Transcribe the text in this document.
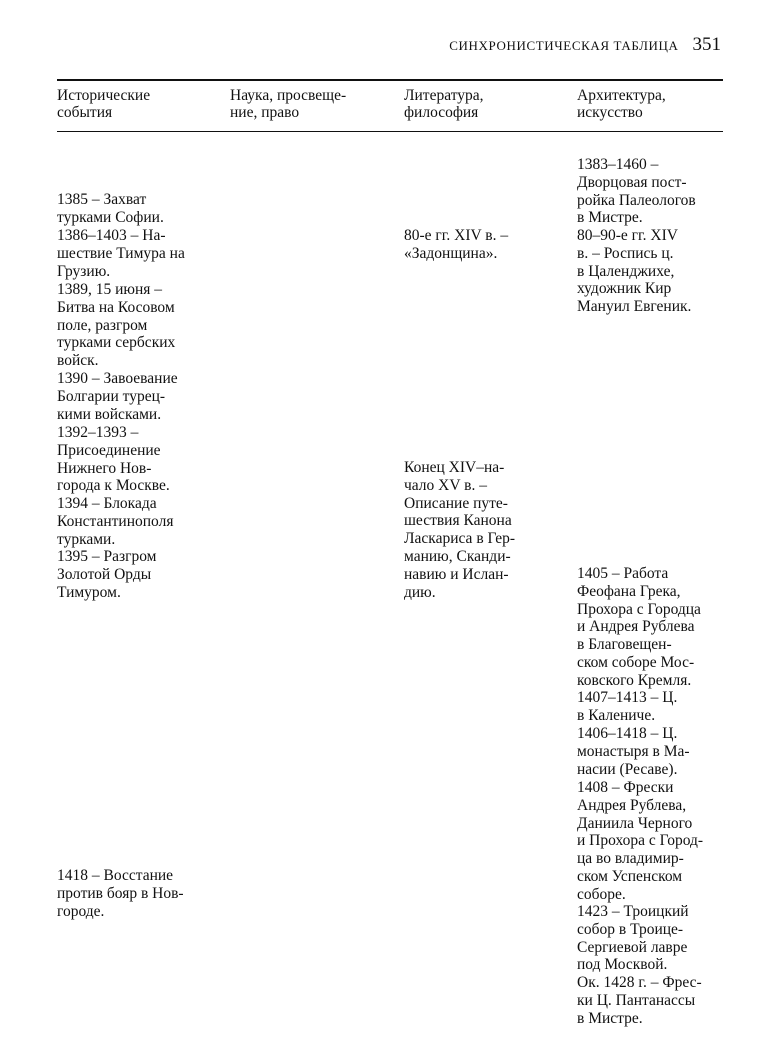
СИНХРОНИСТИЧЕСКАЯ ТАБЛИЦА 351
Исторические
события
Наука, просвеще-
ние, право
Литература,
философия
Архитектура,
искусство
1385 – Захват
турками Софии.
1386–1403 – На-
шествие Тимура на
Грузию.
1389, 15 июня –
Битва на Косовом
поле, разгром
турками сербских
войск.
1390 – Завоевание
Болгарии турец-
кими войсками.
1392–1393 –
Присоединение
Нижнего Нов-
города к Москве.
1394 – Блокада
Константинополя
турками.
1395 – Разгром
Золотой Орды
Тимуром.
1418 – Восстание
против бояр в Нов-
городе.
80-е гг. XIV в. –
«Задонщина».
Конец XIV–на-
чало XV в. –
Описание путе-
шествия Канона
Ласкариса в Гер-
манию, Сканди-
навию и Ислан-
дию.
1383–1460 –
Дворцовая пост-
ройка Палеологов
в Мистре.
80–90-е гг. XIV
в. – Роспись ц.
в Цаленджихе,
художник Кир
Мануил Евгеник.
1405 – Работа
Феофана Грека,
Прохора с Городца
и Андрея Рублева
в Благовещен-
ском соборе Мос-
ковского Кремля.
1407–1413 – Ц.
в Калениче.
1406–1418 – Ц.
монастыря в Ма-
насии (Ресаве).
1408 – Фрески
Андрея Рублева,
Даниила Черного
и Прохора с Город-
ца во владимир-
ском Успенском
соборе.
1423 – Троицкий
собор в Троице-
Сергиевой лавре
под Москвой.
Ок. 1428 г. – Фрес-
ки Ц. Пантанассы
в Мистре.
